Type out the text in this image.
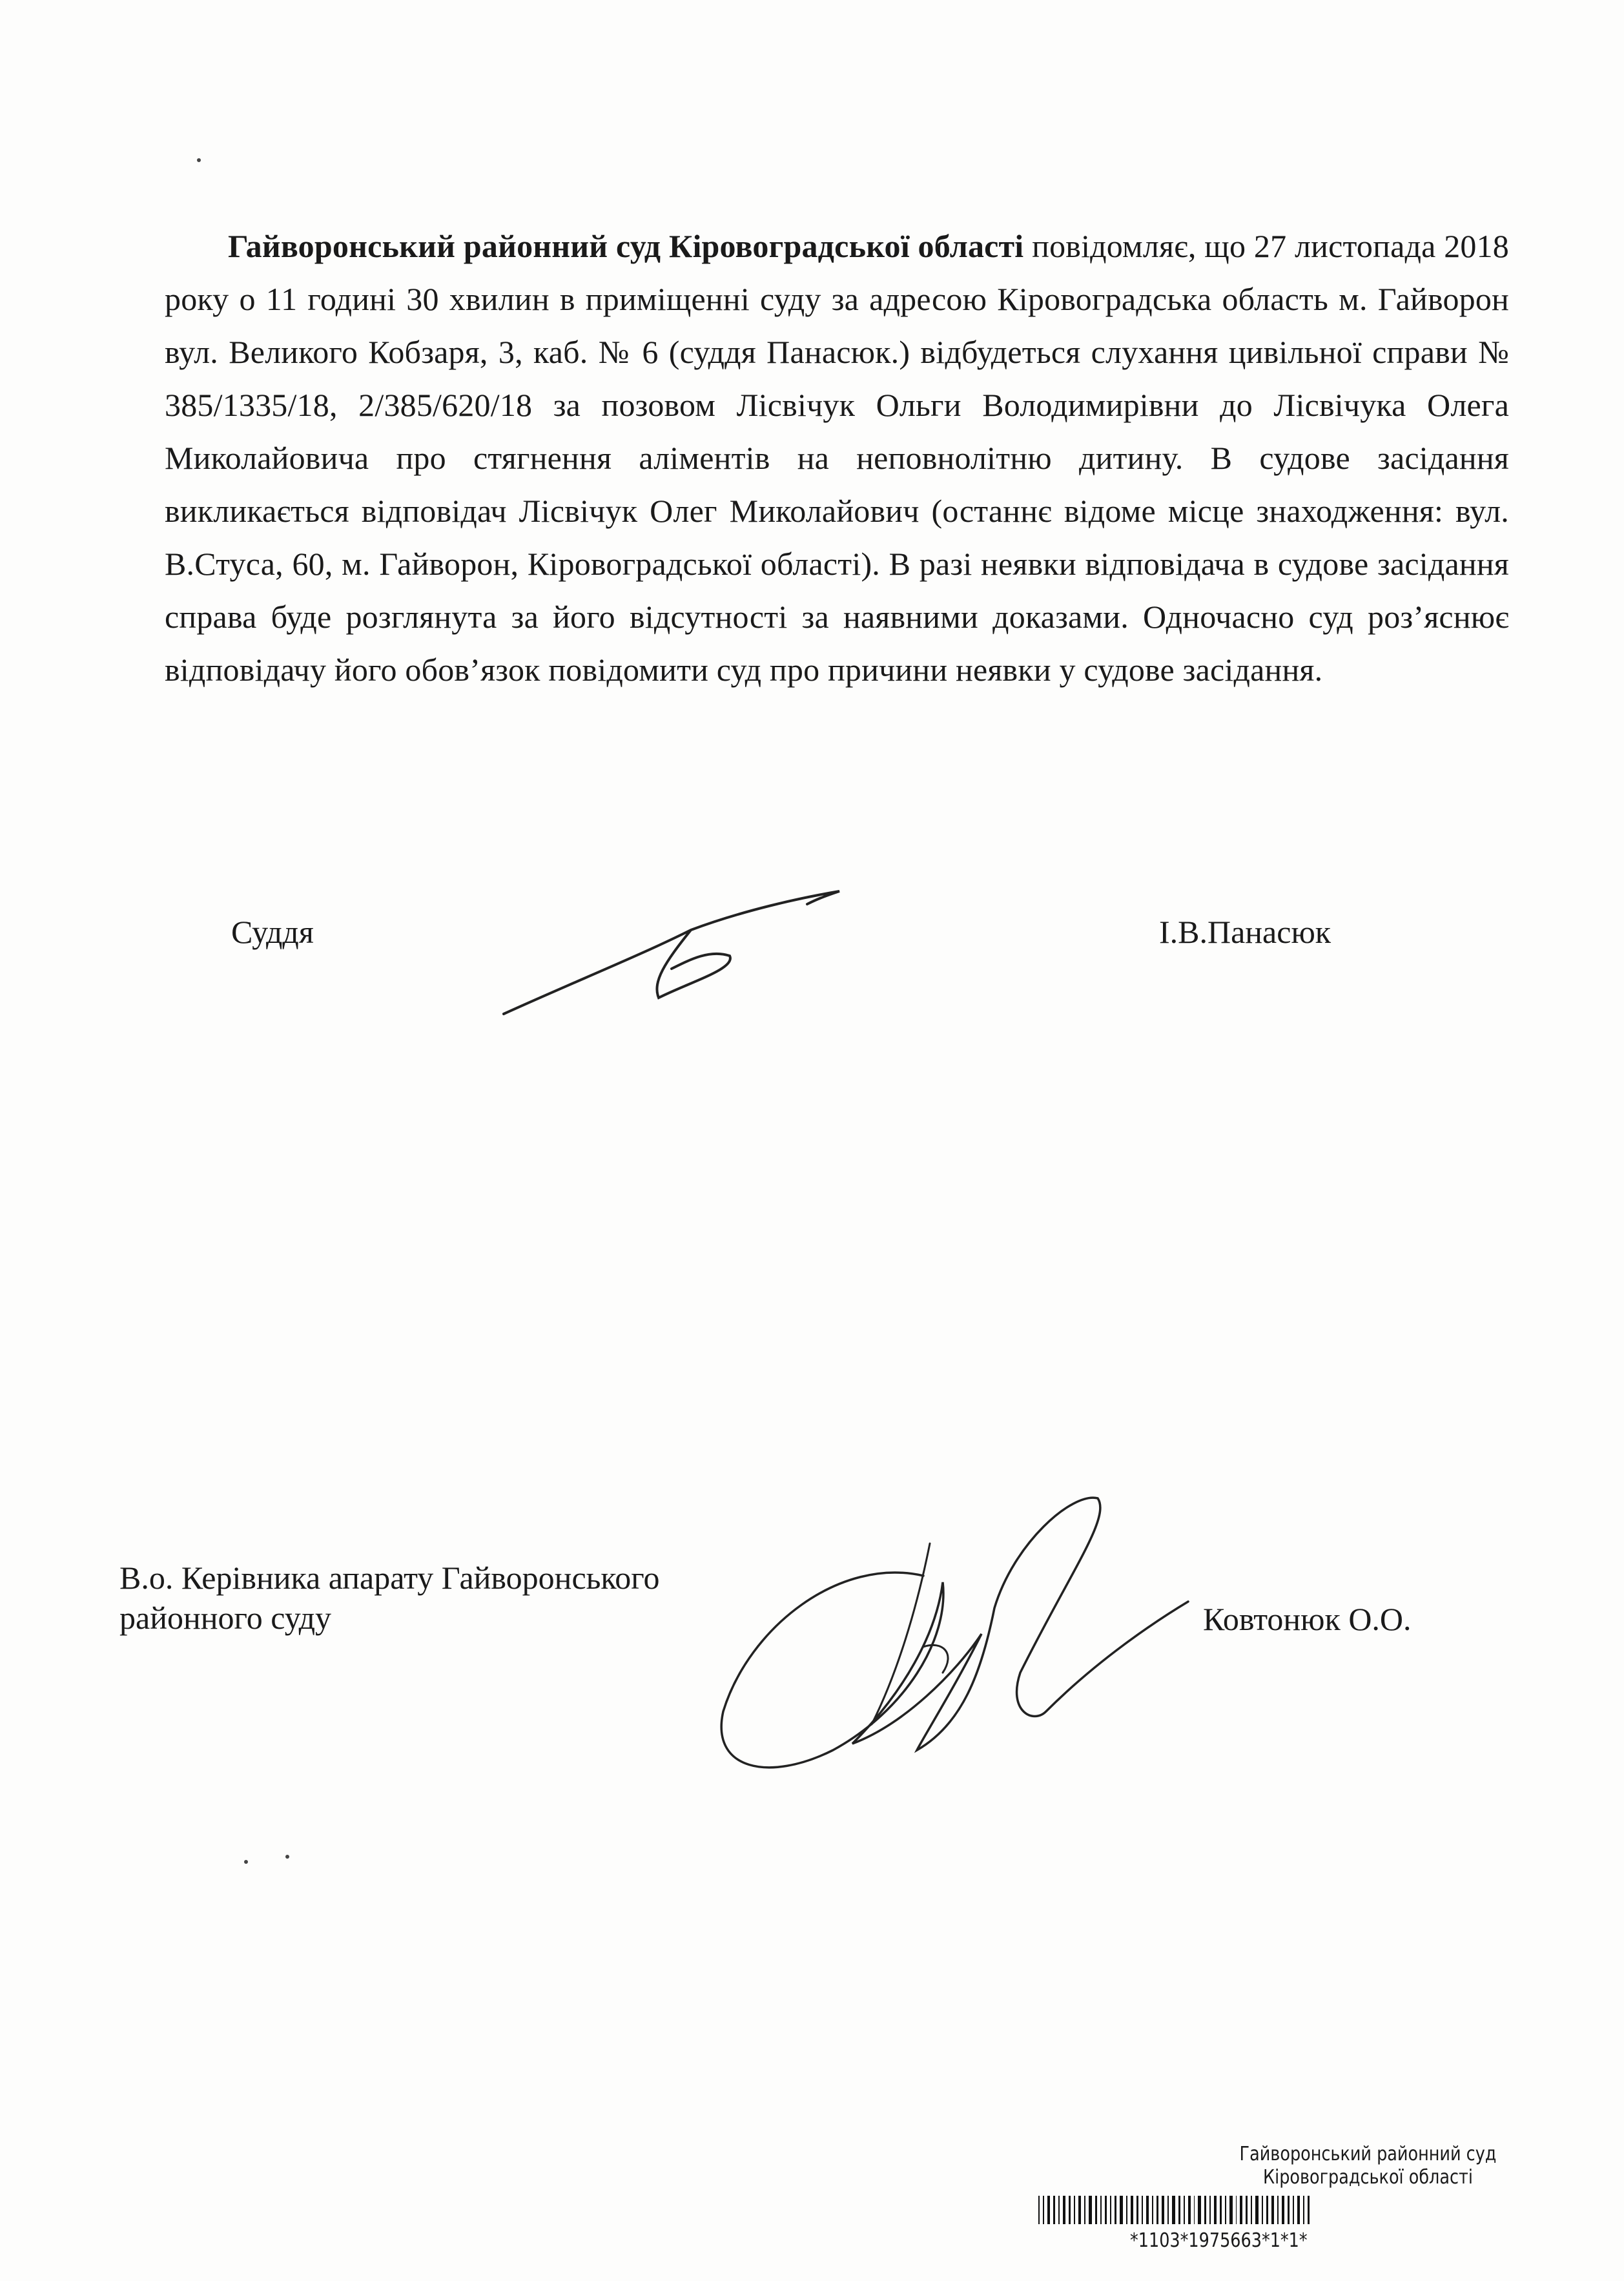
Гайворонський районний суд Кіровоградської області повідомляє, що 27 листопада 2018 року о 11 годині 30 хвилин в приміщенні суду за адресою Кіровоградська область м. Гайворон вул. Великого Кобзаря, 3, каб. № 6 (суддя Панасюк.) відбудеться слухання цивільної справи № 385/1335/18, 2/385/620/18 за позовом Лісвічук Ольги Володимирівни до Лісвічука Олега Миколайовича про стягнення аліментів на неповнолітню дитину. В судове засідання викликається відповідач Лісвічук Олег Миколайович (останнє відоме місце знаходження: вул. В.Стуса, 60, м. Гайворон, Кіровоградської області). В разі неявки відповідача в судове засідання справа буде розглянута за його відсутності за наявними доказами. Одночасно суд роз’яснює відповідачу його обов’язок повідомити суд про причини неявки у судове засідання.

Суддя	І.В.Панасюк
В.о. Керівника апарату Гайворонського
районного суду	Ковтонюк О.О.
Гайворонський районний суд
Кіровоградської області
*1103*1975663*1*1*
